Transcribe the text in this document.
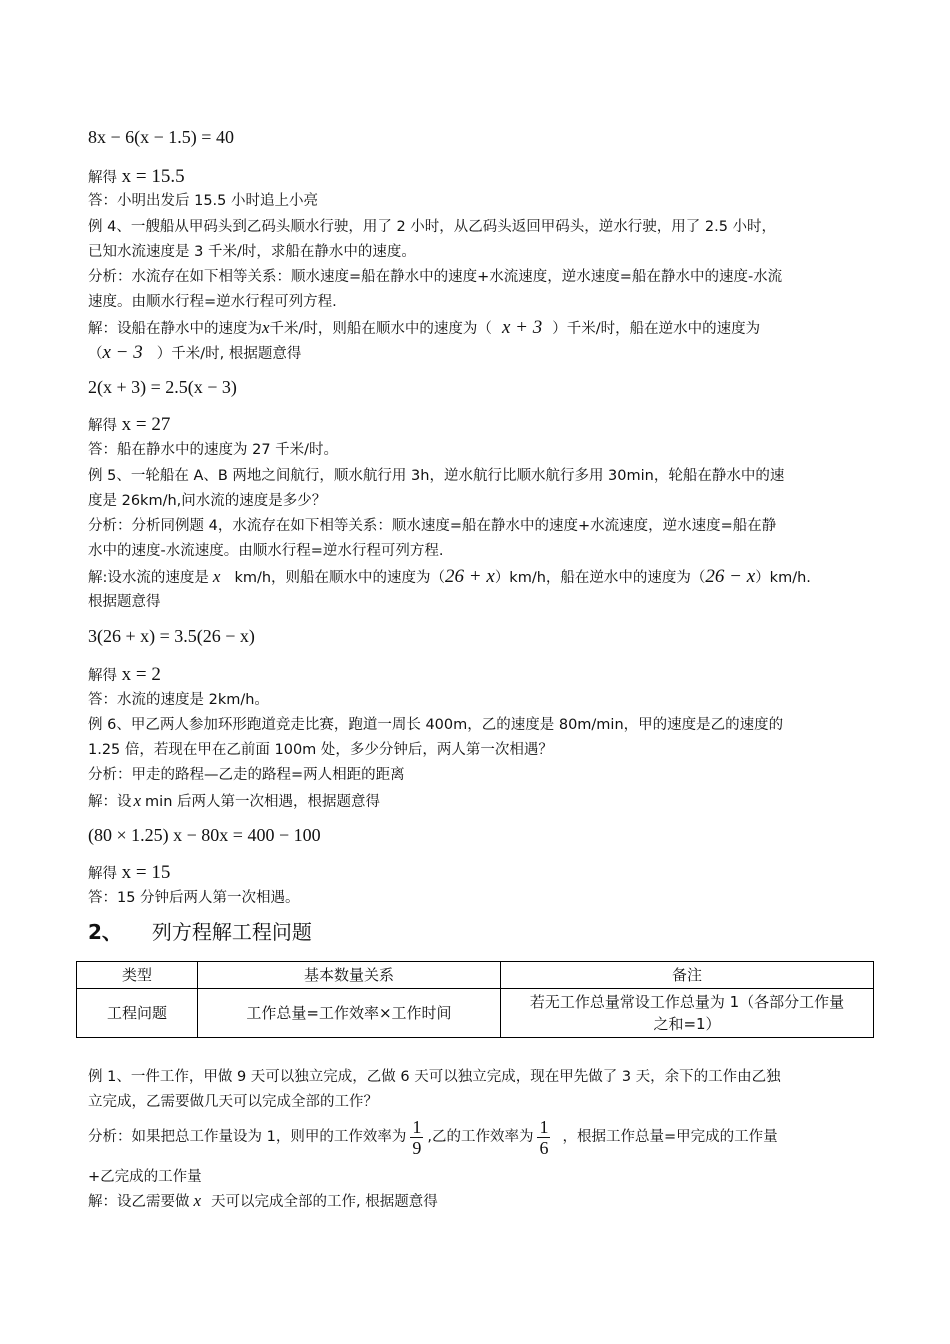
8x − 6(x − 1.5) = 40
解得 x = 15.5
答：小明出发后 15.5 小时追上小亮
例 4、一艘船从甲码头到乙码头顺水行驶，用了 2 小时，从乙码头返回甲码头，逆水行驶，用了 2.5 小时，
已知水流速度是 3 千米/时，求船在静水中的速度。
分析：水流存在如下相等关系：顺水速度=船在静水中的速度+水流速度，逆水速度=船在静水中的速度-水流
速度。由顺水行程=逆水行程可列方程.
解：设船在静水中的速度为x千米/时，则船在顺水中的速度为（ x + 3 ）千米/时，船在逆水中的速度为
（x − 3 ）千米/时, 根据题意得
2(x + 3) = 2.5(x − 3)
解得 x = 27
答：船在静水中的速度为 27 千米/时。
例 5、一轮船在 A、B 两地之间航行，顺水航行用 3h，逆水航行比顺水航行多用 30min，轮船在静水中的速
度是 26km/h,问水流的速度是多少？
分析：分析同例题 4，水流存在如下相等关系：顺水速度=船在静水中的速度+水流速度，逆水速度=船在静
水中的速度-水流速度。由顺水行程=逆水行程可列方程.
解:设水流的速度是 x km/h，则船在顺水中的速度为（26 + x）km/h，船在逆水中的速度为（26 − x）km/h.
根据题意得
3(26 + x) = 3.5(26 − x)
解得 x = 2
答：水流的速度是 2km/h。
例 6、甲乙两人参加环形跑道竞走比赛，跑道一周长 400m，乙的速度是 80m/min，甲的速度是乙的速度的
1.25 倍，若现在甲在乙前面 100m 处，多少分钟后，两人第一次相遇？
分析：甲走的路程—乙走的路程=两人相距的距离
解：设 x min 后两人第一次相遇，根据题意得
(80 × 1.25) x − 80x = 400 − 100
解得 x = 15
答：15 分钟后两人第一次相遇。
2、 列方程解工程问题
类型	基本数量关系	备注
工程问题	工作总量=工作效率×工作时间	若无工作总量常设工作总量为 1（各部分工作量
之和=1）
例 1、一件工作，甲做 9 天可以独立完成，乙做 6 天可以独立完成，现在甲先做了 3 天，余下的工作由乙独
立完成，乙需要做几天可以完成全部的工作？
分析：如果把总工作量设为 1，则甲的工作效率为 $\frac{1}{9}$ ,乙的工作效率为 $\frac{1}{6}$ ，根据工作总量=甲完成的工作量
+乙完成的工作量
解：设乙需要做 x 天可以完成全部的工作, 根据题意得
